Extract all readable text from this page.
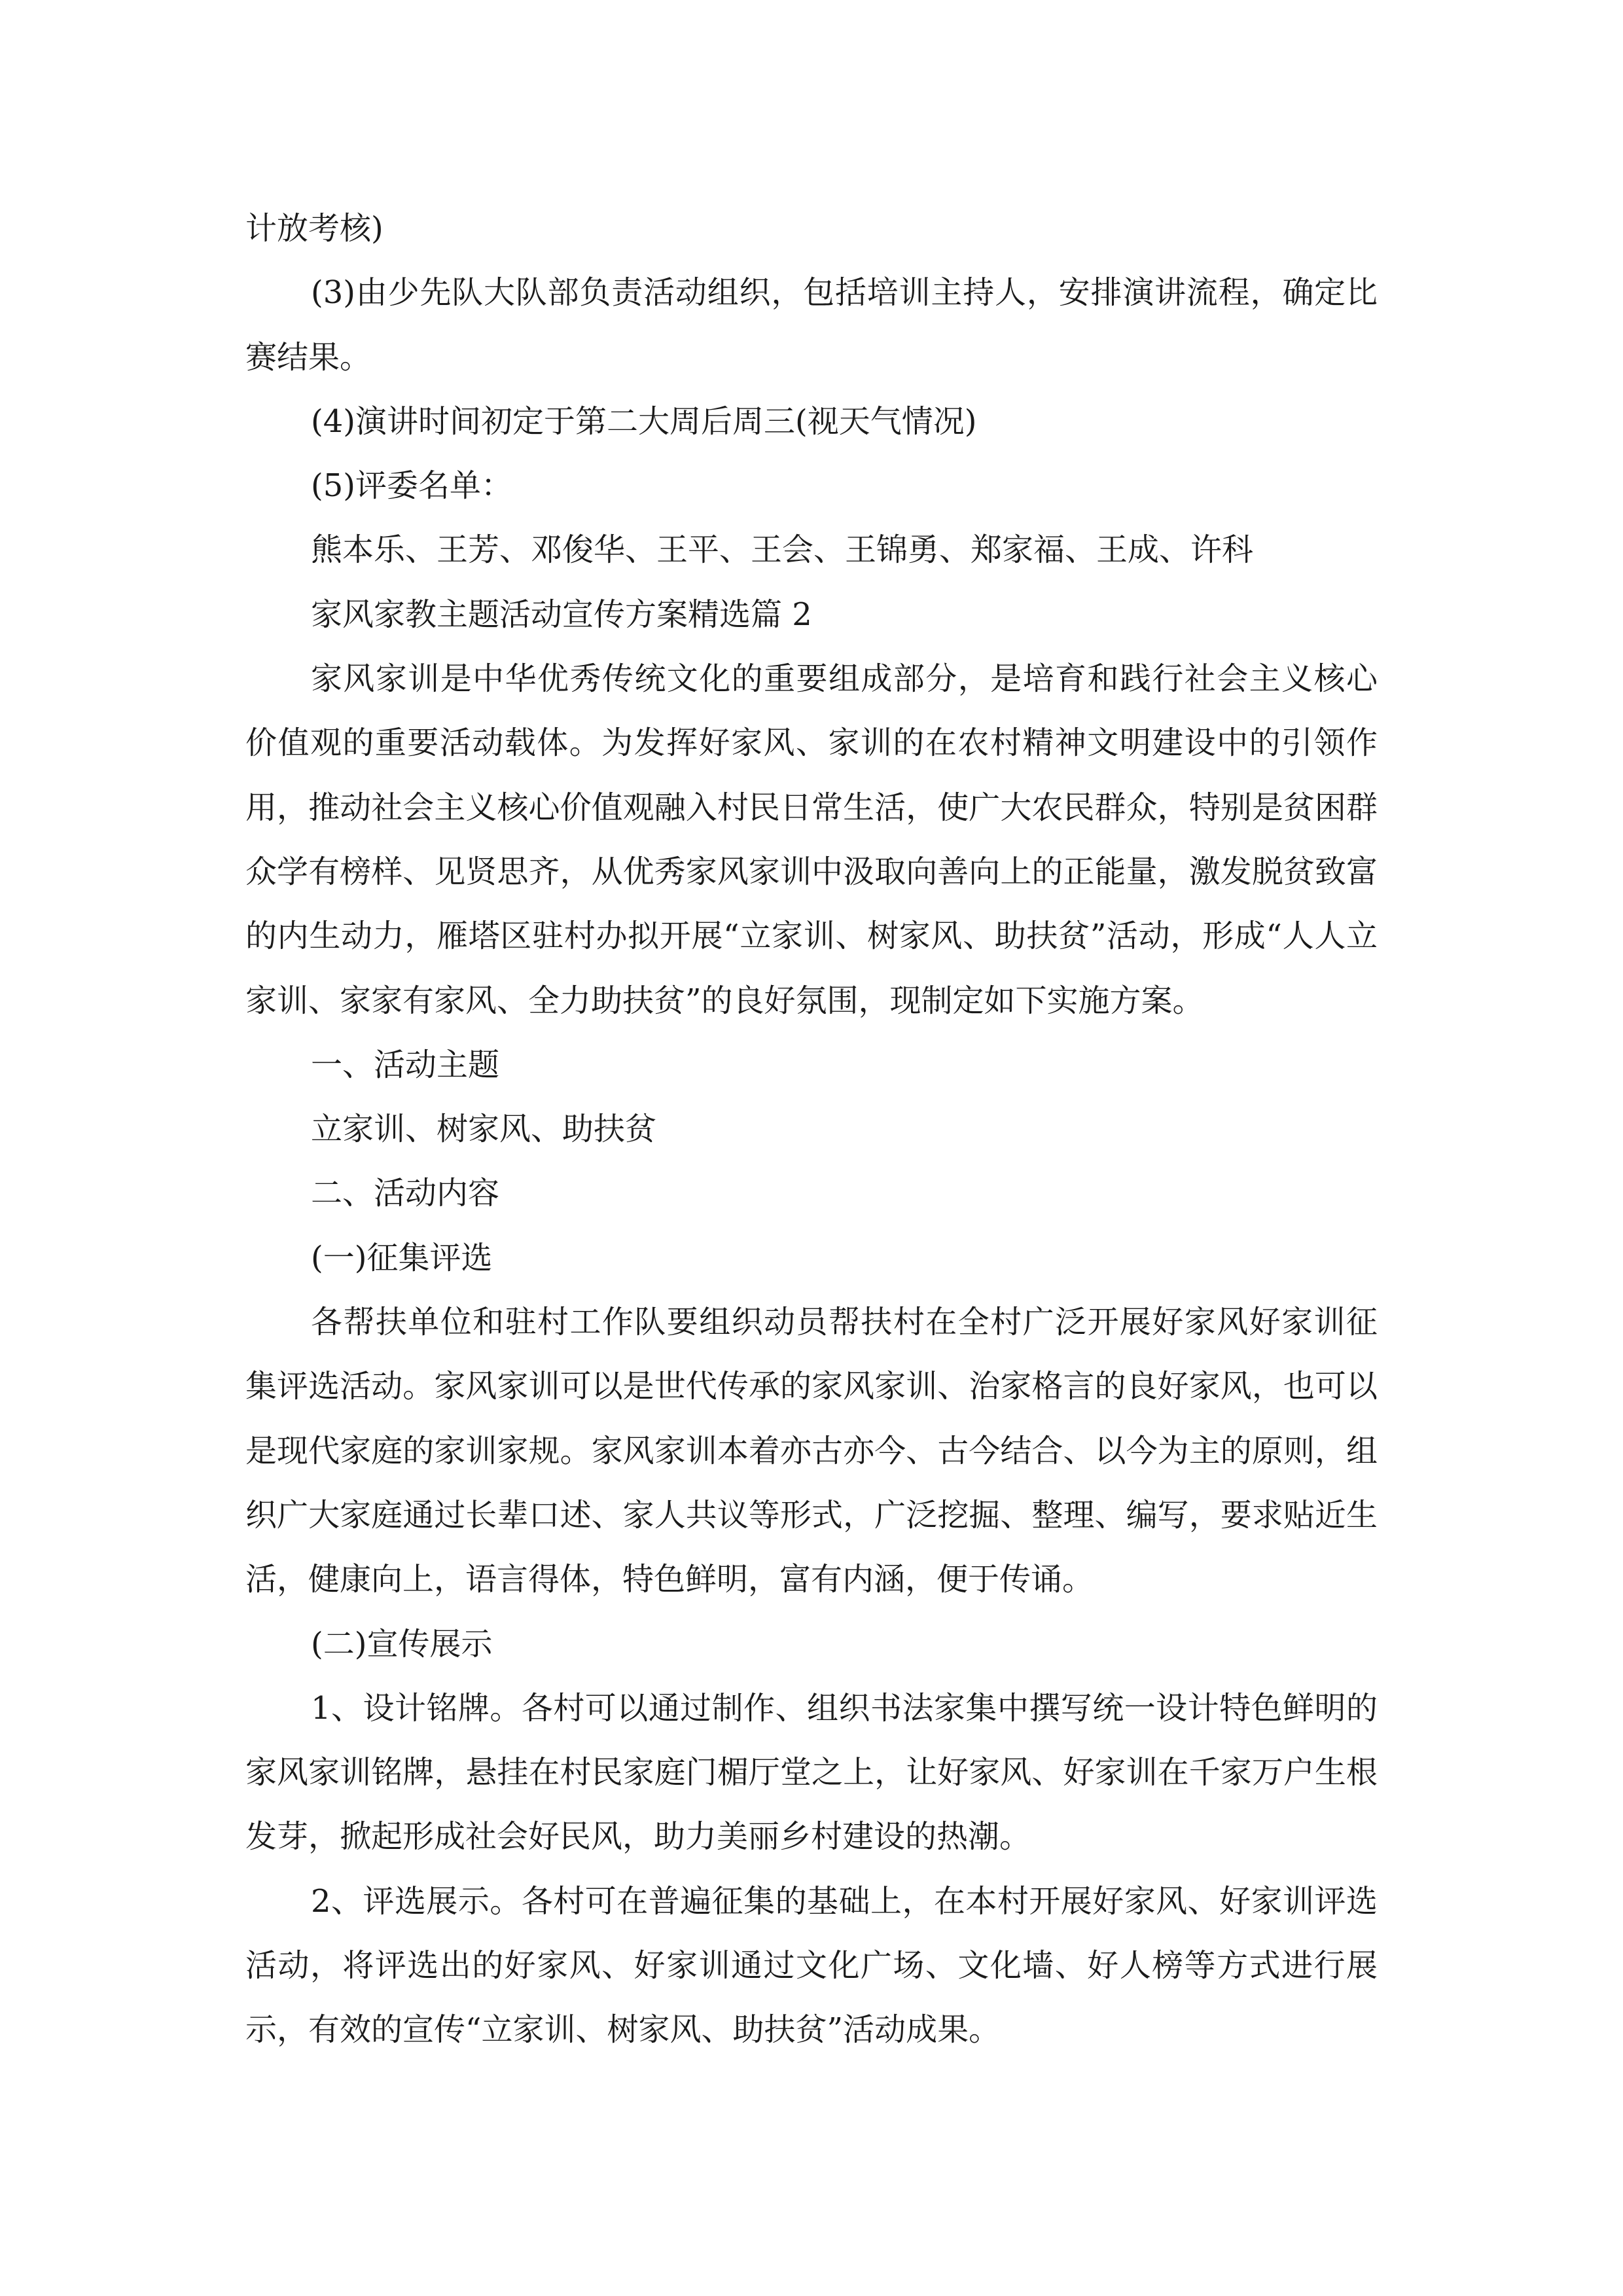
计放考核)

(3)由少先队大队部负责活动组织，包括培训主持人，安排演讲流程，确定比赛结果。

(4)演讲时间初定于第二大周后周三(视天气情况)

(5)评委名单：

熊本乐、王芳、邓俊华、王平、王会、王锦勇、郑家福、王成、许科

家风家教主题活动宣传方案精选篇 2

家风家训是中华优秀传统文化的重要组成部分，是培育和践行社会主义核心价值观的重要活动载体。为发挥好家风、家训的在农村精神文明建设中的引领作用，推动社会主义核心价值观融入村民日常生活，使广大农民群众，特别是贫困群众学有榜样、见贤思齐，从优秀家风家训中汲取向善向上的正能量，激发脱贫致富的内生动力，雁塔区驻村办拟开展“立家训、树家风、助扶贫”活动，形成“人人立家训、家家有家风、全力助扶贫”的良好氛围，现制定如下实施方案。

一、活动主题

立家训、树家风、助扶贫

二、活动内容

(一)征集评选

各帮扶单位和驻村工作队要组织动员帮扶村在全村广泛开展好家风好家训征集评选活动。家风家训可以是世代传承的家风家训、治家格言的良好家风，也可以是现代家庭的家训家规。家风家训本着亦古亦今、古今结合、以今为主的原则，组织广大家庭通过长辈口述、家人共议等形式，广泛挖掘、整理、编写，要求贴近生活，健康向上，语言得体，特色鲜明，富有内涵，便于传诵。

(二)宣传展示

1、设计铭牌。各村可以通过制作、组织书法家集中撰写统一设计特色鲜明的家风家训铭牌，悬挂在村民家庭门楣厅堂之上，让好家风、好家训在千家万户生根发芽，掀起形成社会好民风，助力美丽乡村建设的热潮。

2、评选展示。各村可在普遍征集的基础上，在本村开展好家风、好家训评选活动，将评选出的好家风、好家训通过文化广场、文化墙、好人榜等方式进行展示，有效的宣传“立家训、树家风、助扶贫”活动成果。
